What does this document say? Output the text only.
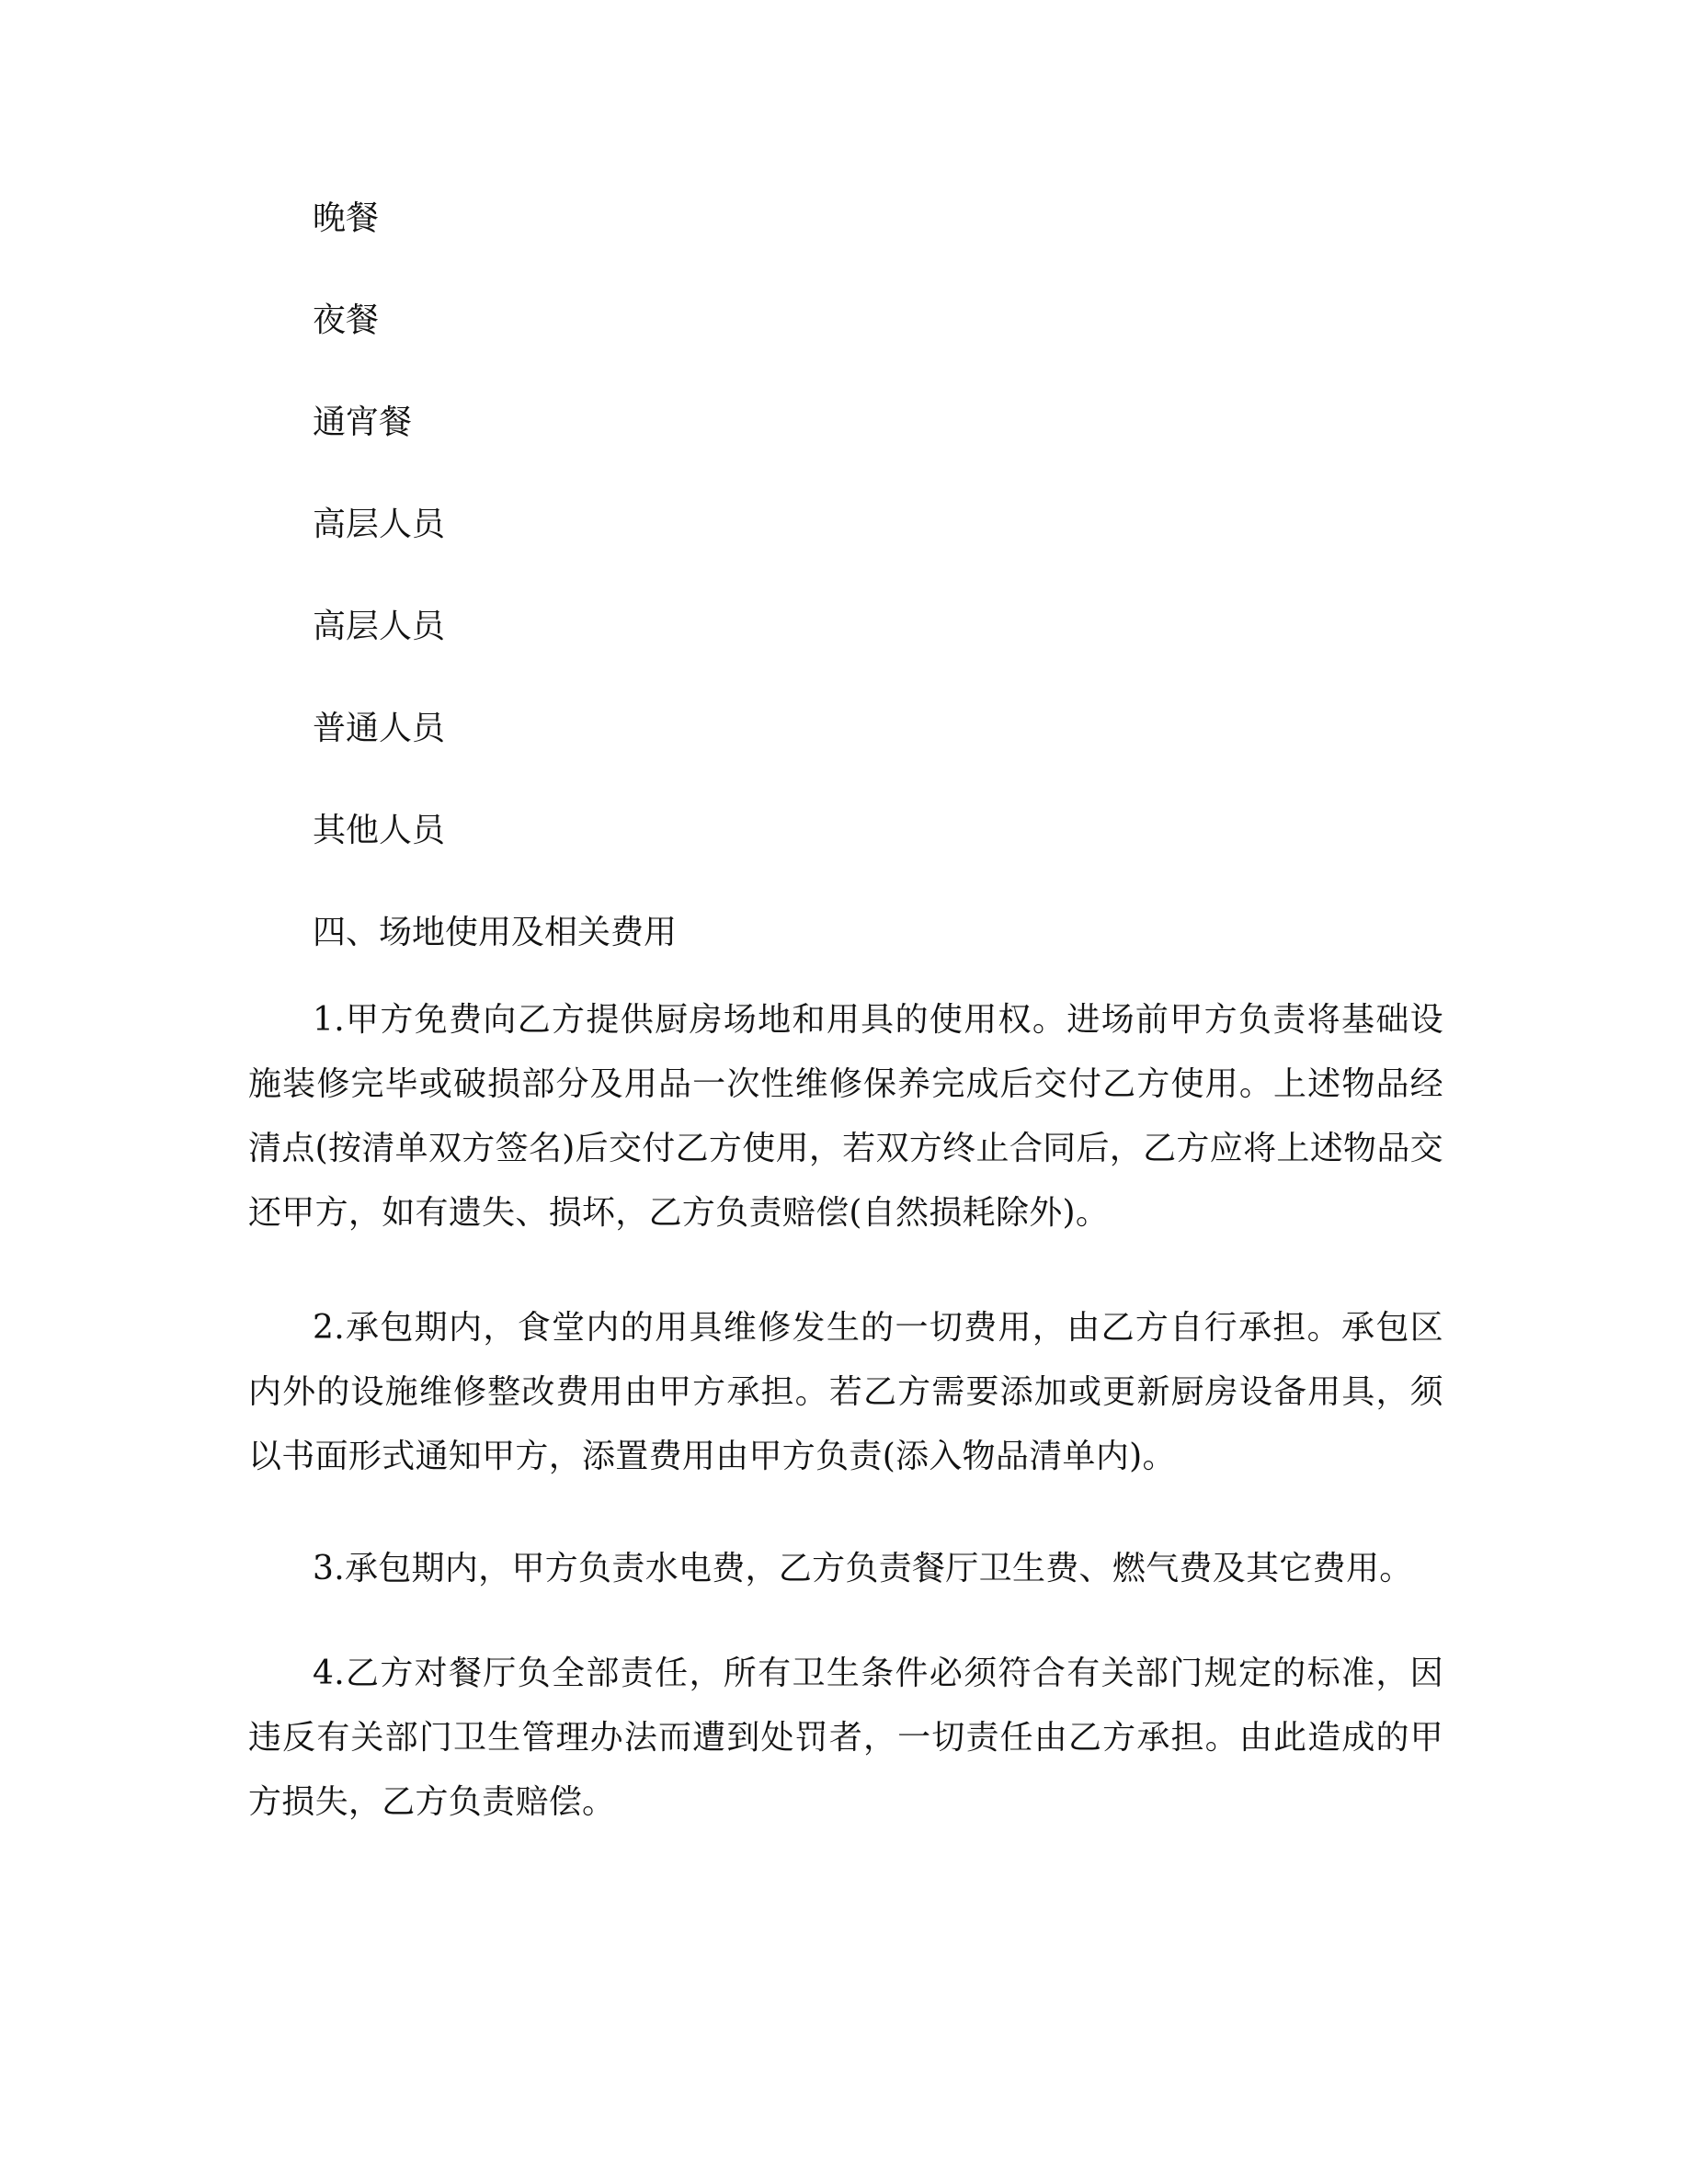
晚餐
夜餐
通宵餐
高层人员
高层人员
普通人员
其他人员
四、场地使用及相关费用

1.甲方免费向乙方提供厨房场地和用具的使用权。进场前甲方负责将基础设施装修完毕或破损部分及用品一次性维修保养完成后交付乙方使用。上述物品经清点(按清单双方签名)后交付乙方使用，若双方终止合同后，乙方应将上述物品交还甲方，如有遗失、损坏，乙方负责赔偿(自然损耗除外)。

2.承包期内，食堂内的用具维修发生的一切费用，由乙方自行承担。承包区内外的设施维修整改费用由甲方承担。若乙方需要添加或更新厨房设备用具，须以书面形式通知甲方，添置费用由甲方负责(添入物品清单内)。

3.承包期内，甲方负责水电费，乙方负责餐厅卫生费、燃气费及其它费用。

4.乙方对餐厅负全部责任，所有卫生条件必须符合有关部门规定的标准，因违反有关部门卫生管理办法而遭到处罚者，一切责任由乙方承担。由此造成的甲方损失，乙方负责赔偿。
